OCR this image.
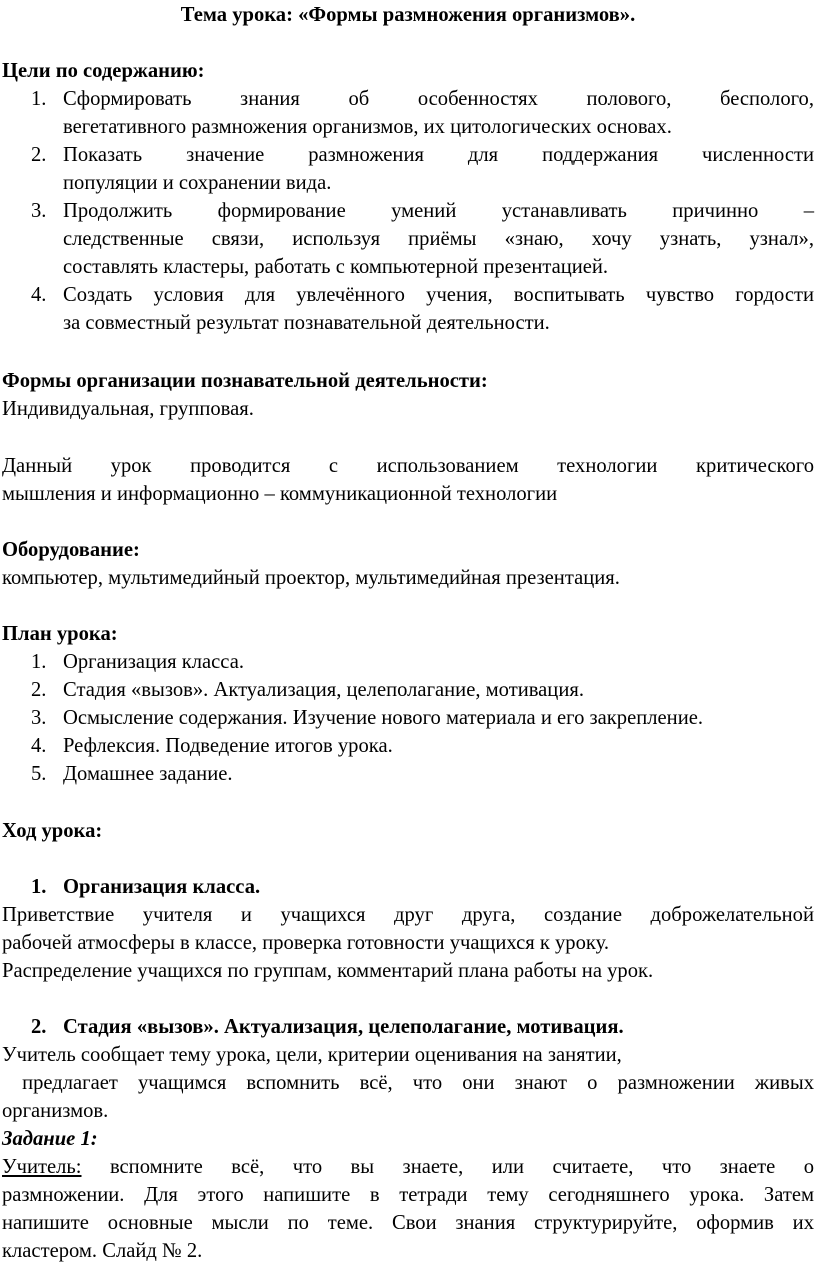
Тема урока: «Формы размножения организмов».
Цели по содержанию:
1. Сформировать знания об особенностях полового, бесполого,
вегетативного размножения организмов, их цитологических основах.
2. Показать значение размножения для поддержания численности
популяции и сохранении вида.
3. Продолжить формирование умений устанавливать причинно –
следственные связи, используя приёмы «знаю, хочу узнать, узнал»,
составлять кластеры, работать с компьютерной презентацией.
4. Создать условия для увлечённого учения, воспитывать чувство гордости
за совместный результат познавательной деятельности.
Формы организации познавательной деятельности:
Индивидуальная, групповая.
Данный урок проводится с использованием технологии критического
мышления и информационно – коммуникационной технологии
Оборудование:
компьютер, мультимедийный проектор, мультимедийная презентация.
План урока:
1. Организация класса.
2. Стадия «вызов». Актуализация, целеполагание, мотивация.
3. Осмысление содержания. Изучение нового материала и его закрепление.
4. Рефлексия. Подведение итогов урока.
5. Домашнее задание.
Ход урока:
1. Организация класса.
Приветствие учителя и учащихся друг друга, создание доброжелательной
рабочей атмосферы в классе, проверка готовности учащихся к уроку.
Распределение учащихся по группам, комментарий плана работы на урок.
2. Стадия «вызов». Актуализация, целеполагание, мотивация.
Учитель сообщает тему урока, цели, критерии оценивания на занятии,
предлагает учащимся вспомнить всё, что они знают о размножении живых
организмов.
Задание 1:
Учитель: вспомните всё, что вы знаете, или считаете, что знаете о
размножении. Для этого напишите в тетради тему сегодняшнего урока. Затем
напишите основные мысли по теме. Свои знания структурируйте, оформив их
кластером. Слайд № 2.
